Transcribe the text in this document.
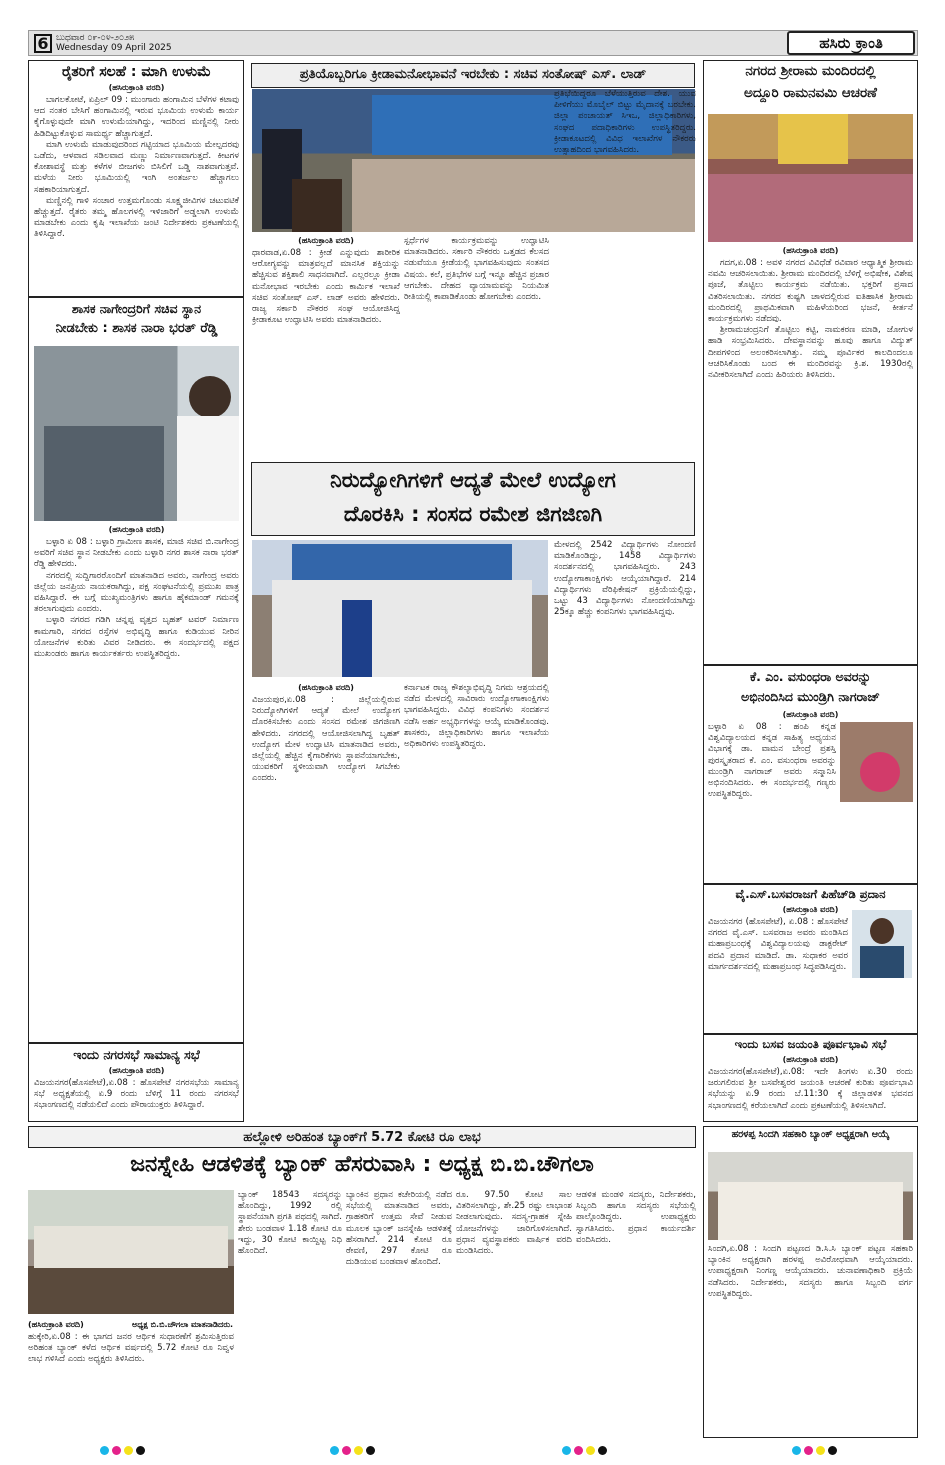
6 ಬುಧವಾರ ೦೯-೦೪-೨೦೨೫
Wednesday 09 April 2025	ಹಸಿರು ಕ್ರಾಂತಿ
ರೈತರಿಗೆ ಸಲಹೆ : ಮಾಗಿ ಉಳುಮೆ
(ಹಸಿರುಕ್ರಾಂತಿ ವರದಿ)

ಬಾಗಲಕೋಟೆ, ಏಪ್ರಿಲ್ 09 : ಮುಂಗಾರು ಹಂಗಾಮಿನ ಬೆಳೆಗಳ ಕಟಾವು ಆದ ನಂತರ ಬೇಸಿಗೆ ಹಂಗಾಮಿನಲ್ಲಿ ಇರುವ ಭೂಮಿಯ ಉಳುಮೆ ಕಾರ್ಯ ಕೈಗೊಳ್ಳುವುದೇ ಮಾಗಿ ಉಳುಮೆಯಾಗಿದ್ದು, ಇದರಿಂದ ಮಣ್ಣಿನಲ್ಲಿ ನೀರು ಹಿಡಿದಿಟ್ಟುಕೊಳ್ಳುವ ಸಾಮರ್ಥ್ಯ ಹೆಚ್ಚಾಗುತ್ತದೆ.

ಮಾಗಿ ಉಳುಮೆ ಮಾಡುವುದರಿಂದ ಗಟ್ಟಿಯಾದ ಭೂಮಿಯ ಮೇಲ್ಪದರವು ಒಡೆದು, ಆಳವಾದ ಸಡಿಲವಾದ ಮಣ್ಣು ನಿರ್ಮಾಣವಾಗುತ್ತದೆ. ಕೀಟಗಳ ಕೋಶಾವಸ್ಥೆ ಮತ್ತು ಕಳೆಗಳ ಬೀಜಗಳು ಬಿಸಿಲಿಗೆ ಒಡ್ಡಿ ನಾಶವಾಗುತ್ತವೆ. ಮಳೆಯ ನೀರು ಭೂಮಿಯಲ್ಲಿ ಇಂಗಿ ಅಂತರ್ಜಲ ಹೆಚ್ಚಾಗಲು ಸಹಕಾರಿಯಾಗುತ್ತದೆ.

ಮಣ್ಣಿನಲ್ಲಿ ಗಾಳಿ ಸಂಚಾರ ಉತ್ತಮಗೊಂಡು ಸೂಕ್ಷ್ಮಜೀವಿಗಳ ಚಟುವಟಿಕೆ ಹೆಚ್ಚುತ್ತದೆ. ರೈತರು ತಮ್ಮ ಹೊಲಗಳಲ್ಲಿ ಇಳಿಜಾರಿಗೆ ಅಡ್ಡಲಾಗಿ ಉಳುಮೆ ಮಾಡಬೇಕು ಎಂದು ಕೃಷಿ ಇಲಾಖೆಯ ಜಂಟಿ ನಿರ್ದೇಶಕರು ಪ್ರಕಟಣೆಯಲ್ಲಿ ತಿಳಿಸಿದ್ದಾರೆ.

ಶಾಸಕ ನಾಗೇಂದ್ರರಿಗೆ ಸಚಿವ ಸ್ಥಾನ
ನೀಡಬೇಕು : ಶಾಸಕ ನಾರಾ ಭರತ್ ರೆಡ್ಡಿ
(ಹಸಿರುಕ್ರಾಂತಿ ವರದಿ)

ಬಳ್ಳಾರಿ ಏ 08 : ಬಳ್ಳಾರಿ ಗ್ರಾಮೀಣ ಶಾಸಕ, ಮಾಜಿ ಸಚಿವ ಬಿ.ನಾಗೇಂದ್ರ ಅವರಿಗೆ ಸಚಿವ ಸ್ಥಾನ ನೀಡಬೇಕು ಎಂದು ಬಳ್ಳಾರಿ ನಗರ ಶಾಸಕ ನಾರಾ ಭರತ್ ರೆಡ್ಡಿ ಹೇಳಿದರು.

ನಗರದಲ್ಲಿ ಸುದ್ದಿಗಾರರೊಂದಿಗೆ ಮಾತನಾಡಿದ ಅವರು, ನಾಗೇಂದ್ರ ಅವರು ಜಿಲ್ಲೆಯ ಜನಪ್ರಿಯ ನಾಯಕರಾಗಿದ್ದು, ಪಕ್ಷ ಸಂಘಟನೆಯಲ್ಲಿ ಪ್ರಮುಖ ಪಾತ್ರ ವಹಿಸಿದ್ದಾರೆ. ಈ ಬಗ್ಗೆ ಮುಖ್ಯಮಂತ್ರಿಗಳು ಹಾಗೂ ಹೈಕಮಾಂಡ್ ಗಮನಕ್ಕೆ ತರಲಾಗುವುದು ಎಂದರು.

ಬಳ್ಳಾರಿ ನಗರದ ಗಡಿಗಿ ಚನ್ನಪ್ಪ ವೃತ್ತದ ಬೃಹತ್ ಟವರ್ ನಿರ್ಮಾಣ ಕಾಮಗಾರಿ, ನಗರದ ರಸ್ತೆಗಳ ಅಭಿವೃದ್ಧಿ ಹಾಗೂ ಕುಡಿಯುವ ನೀರಿನ ಯೋಜನೆಗಳ ಕುರಿತು ವಿವರ ನೀಡಿದರು. ಈ ಸಂದರ್ಭದಲ್ಲಿ ಪಕ್ಷದ ಮುಖಂಡರು ಹಾಗೂ ಕಾರ್ಯಕರ್ತರು ಉಪಸ್ಥಿತರಿದ್ದರು.

ಇಂದು ನಗರಸಭೆ ಸಾಮಾನ್ಯ ಸಭೆ
(ಹಸಿರುಕ್ರಾಂತಿ ವರದಿ)
ವಿಜಯನಗರ(ಹೊಸಪೇಟೆ),ಏ.08 : ಹೊಸಪೇಟೆ ನಗರಸಭೆಯ ಸಾಮಾನ್ಯ ಸಭೆ ಅಧ್ಯಕ್ಷತೆಯಲ್ಲಿ ಏ.9 ರಂದು ಬೆಳಿಗ್ಗೆ 11 ರಂದು ನಗರಸಭೆ ಸಭಾಂಗಣದಲ್ಲಿ ನಡೆಯಲಿದೆ ಎಂದು ಪೌರಾಯುಕ್ತರು ತಿಳಿಸಿದ್ದಾರೆ.
ಪ್ರತಿಯೊಬ್ಬರಿಗೂ ಕ್ರೀಡಾಮನೋಭಾವನೆ ಇರಬೇಕು : ಸಚಿವ ಸಂತೋಷ್ ಎಸ್. ಲಾಡ್
(ಹಸಿರುಕ್ರಾಂತಿ ವರದಿ)
ಧಾರವಾಡ,ಏ.08 : ಕ್ರೀಡೆ ಎನ್ನುವುದು ಶಾರೀರಿಕ ಆರೋಗ್ಯವನ್ನು ಮಾತ್ರವಲ್ಲದೆ ಮಾನಸಿಕ ಶಕ್ತಿಯನ್ನು ಹೆಚ್ಚಿಸುವ ಶಕ್ತಿಶಾಲಿ ಸಾಧನವಾಗಿದೆ. ಎಲ್ಲರಲ್ಲೂ ಕ್ರೀಡಾ ಮನೋಭಾವ ಇರಬೇಕು ಎಂದು ಕಾರ್ಮಿಕ ಇಲಾಖೆ ಸಚಿವ ಸಂತೋಷ್ ಎಸ್. ಲಾಡ್ ಅವರು ಹೇಳಿದರು. ರಾಜ್ಯ ಸರ್ಕಾರಿ ನೌಕರರ ಸಂಘ ಆಯೋಜಿಸಿದ್ದ ಕ್ರೀಡಾಕೂಟ ಉದ್ಘಾಟಿಸಿ ಅವರು ಮಾತನಾಡಿದರು.
ಸ್ಪರ್ಧೆಗಳ ಕಾರ್ಯಕ್ರಮವನ್ನು ಉದ್ಘಾಟಿಸಿ ಮಾತನಾಡಿದರು. ಸರ್ಕಾರಿ ನೌಕರರು ಒತ್ತಡದ ಕೆಲಸದ ನಡುವೆಯೂ ಕ್ರೀಡೆಯಲ್ಲಿ ಭಾಗವಹಿಸುವುದು ಸಂತಸದ ವಿಷಯ. ಕಲೆ, ಪ್ರತಿಭೆಗಳ ಬಗ್ಗೆ ಇನ್ನೂ ಹೆಚ್ಚಿನ ಪ್ರಚಾರ ಆಗಬೇಕು. ದೇಹದ ವ್ಯಾಯಾಮವನ್ನು ನಿಯಮಿತ ರೀತಿಯಲ್ಲಿ ಕಾಪಾಡಿಕೊಂಡು ಹೋಗಬೇಕು ಎಂದರು.
ಪ್ರತಿಭೆಯಿದ್ದರೂ ಬೆಳೆಯುತ್ತಿರುವ ದೇಶ. ಯುವ ಪೀಳಿಗೆಯು ಮೊಬೈಲ್ ಬಿಟ್ಟು ಮೈದಾನಕ್ಕೆ ಬರಬೇಕು. ಜಿಲ್ಲಾ ಪಂಚಾಯತ್ ಸಿಇಒ, ಜಿಲ್ಲಾಧಿಕಾರಿಗಳು, ಸಂಘದ ಪದಾಧಿಕಾರಿಗಳು ಉಪಸ್ಥಿತರಿದ್ದರು. ಕ್ರೀಡಾಕೂಟದಲ್ಲಿ ವಿವಿಧ ಇಲಾಖೆಗಳ ನೌಕರರು ಉತ್ಸಾಹದಿಂದ ಭಾಗವಹಿಸಿದರು.
ನಿರುದ್ಯೋಗಿಗಳಿಗೆ ಆದ್ಯತೆ ಮೇಲೆ ಉದ್ಯೋಗ
ದೊರಕಿಸಿ : ಸಂಸದ ರಮೇಶ ಜಿಗಜಿಣಗಿ
(ಹಸಿರುಕ್ರಾಂತಿ ವರದಿ)
ವಿಜಯಪುರ,ಏ.08 : ಜಿಲ್ಲೆಯಲ್ಲಿರುವ ನಿರುದ್ಯೋಗಿಗಳಿಗೆ ಆದ್ಯತೆ ಮೇಲೆ ಉದ್ಯೋಗ ದೊರಕಿಸಬೇಕು ಎಂದು ಸಂಸದ ರಮೇಶ ಜಿಗಜಿಣಗಿ ಹೇಳಿದರು. ನಗರದಲ್ಲಿ ಆಯೋಜಿಸಲಾಗಿದ್ದ ಬೃಹತ್ ಉದ್ಯೋಗ ಮೇಳ ಉದ್ಘಾಟಿಸಿ ಮಾತನಾಡಿದ ಅವರು, ಜಿಲ್ಲೆಯಲ್ಲಿ ಹೆಚ್ಚಿನ ಕೈಗಾರಿಕೆಗಳು ಸ್ಥಾಪನೆಯಾಗಬೇಕು, ಯುವಕರಿಗೆ ಸ್ಥಳೀಯವಾಗಿ ಉದ್ಯೋಗ ಸಿಗಬೇಕು ಎಂದರು.
ಕರ್ನಾಟಕ ರಾಜ್ಯ ಕೌಶಲ್ಯಾಭಿವೃದ್ಧಿ ನಿಗಮ ಆಶ್ರಯದಲ್ಲಿ ನಡೆದ ಮೇಳದಲ್ಲಿ ಸಾವಿರಾರು ಉದ್ಯೋಗಾಕಾಂಕ್ಷಿಗಳು ಭಾಗವಹಿಸಿದ್ದರು. ವಿವಿಧ ಕಂಪನಿಗಳು ಸಂದರ್ಶನ ನಡೆಸಿ ಅರ್ಹ ಅಭ್ಯರ್ಥಿಗಳನ್ನು ಆಯ್ಕೆ ಮಾಡಿಕೊಂಡವು. ಶಾಸಕರು, ಜಿಲ್ಲಾಧಿಕಾರಿಗಳು ಹಾಗೂ ಇಲಾಖೆಯ ಅಧಿಕಾರಿಗಳು ಉಪಸ್ಥಿತರಿದ್ದರು.
ಮೇಳದಲ್ಲಿ 2542 ವಿದ್ಯಾರ್ಥಿಗಳು ನೋಂದಣಿ ಮಾಡಿಕೊಂಡಿದ್ದು, 1458 ವಿದ್ಯಾರ್ಥಿಗಳು ಸಂದರ್ಶನದಲ್ಲಿ ಭಾಗವಹಿಸಿದ್ದರು. 243 ಉದ್ಯೋಗಾಕಾಂಕ್ಷಿಗಳು ಆಯ್ಕೆಯಾಗಿದ್ದಾರೆ. 214 ವಿದ್ಯಾರ್ಥಿಗಳು ವೆರಿಫಿಕೇಷನ್ ಪ್ರಕ್ರಿಯೆಯಲ್ಲಿದ್ದು, ಒಟ್ಟು 43 ವಿದ್ಯಾರ್ಥಿಗಳು ನೋಂದಣಿಯಾಗಿದ್ದು 25ಕ್ಕೂ ಹೆಚ್ಚು ಕಂಪನಿಗಳು ಭಾಗವಹಿಸಿದ್ದವು.
ನಗರದ ಶ್ರೀರಾಮ ಮಂದಿರದಲ್ಲಿ
ಅದ್ದೂರಿ ರಾಮನವಮಿ ಆಚರಣೆ
(ಹಸಿರುಕ್ರಾಂತಿ ವರದಿ)

ಗದಗ,ಏ.08 : ಅವಳಿ ನಗರದ ವಿವಿಧೆಡೆ ರವಿವಾರ ಆಧ್ಯಾತ್ಮಿಕ ಶ್ರೀರಾಮ ನವಮಿ ಆಚರಿಸಲಾಯಿತು. ಶ್ರೀರಾಮ ಮಂದಿರದಲ್ಲಿ ಬೆಳಿಗ್ಗೆ ಅಭಿಷೇಕ, ವಿಶೇಷ ಪೂಜೆ, ತೊಟ್ಟಿಲು ಕಾರ್ಯಕ್ರಮ ನಡೆಯಿತು. ಭಕ್ತರಿಗೆ ಪ್ರಸಾದ ವಿತರಿಸಲಾಯಿತು. ನಗರದ ಕುಷ್ಟಗಿ ಚಾಳದಲ್ಲಿರುವ ಐತಿಹಾಸಿಕ ಶ್ರೀರಾಮ ಮಂದಿರದಲ್ಲಿ ಪ್ರಾಥಮಿಕವಾಗಿ ಮಹಿಳೆಯರಿಂದ ಭಜನೆ, ಕೀರ್ತನೆ ಕಾರ್ಯಕ್ರಮಗಳು ನಡೆದವು.

ಶ್ರೀರಾಮಚಂದ್ರನಿಗೆ ತೊಟ್ಟಿಲು ಕಟ್ಟಿ, ನಾಮಕರಣ ಮಾಡಿ, ಜೋಗುಳ ಹಾಡಿ ಸಂಭ್ರಮಿಸಿದರು. ದೇವಸ್ಥಾನವನ್ನು ಹೂವು ಹಾಗೂ ವಿದ್ಯುತ್ ದೀಪಗಳಿಂದ ಅಲಂಕರಿಸಲಾಗಿತ್ತು. ನಮ್ಮ ಪೂರ್ವಿಕರ ಕಾಲದಿಂದಲೂ ಆಚರಿಸಿಕೊಂಡು ಬಂದ ಈ ಮಂದಿರವನ್ನು ಕ್ರಿ.ಶ. 1930ರಲ್ಲಿ ನವೀಕರಿಸಲಾಗಿದೆ ಎಂದು ಹಿರಿಯರು ತಿಳಿಸಿದರು.

ಕೆ. ಎಂ. ವಸುಂಧರಾ ಅವರನ್ನು
ಅಭಿನಂದಿಸಿದ ಮುಂಡ್ರಿಗಿ ನಾಗರಾಜ್
(ಹಸಿರುಕ್ರಾಂತಿ ವರದಿ)
ಬಳ್ಳಾರಿ ಏ 08 : ಹಂಪಿ ಕನ್ನಡ ವಿಶ್ವವಿದ್ಯಾಲಯದ ಕನ್ನಡ ಸಾಹಿತ್ಯ ಅಧ್ಯಯನ ವಿಭಾಗಕ್ಕೆ ಡಾ. ವಾಮನ ಬೇಂದ್ರೆ ಪ್ರಶಸ್ತಿ ಪುರಸ್ಕೃತರಾದ ಕೆ. ಎಂ. ವಸುಂಧರಾ ಅವರನ್ನು ಮುಂಡ್ರಿಗಿ ನಾಗರಾಜ್ ಅವರು ಸನ್ಮಾನಿಸಿ ಅಭಿನಂದಿಸಿದರು. ಈ ಸಂದರ್ಭದಲ್ಲಿ ಗಣ್ಯರು ಉಪಸ್ಥಿತರಿದ್ದರು.
ವೈ.ಎಸ್.ಬಸವರಾಜಗೆ ಪಿಹೆಚ್‌ಡಿ ಪ್ರದಾನ
(ಹಸಿರುಕ್ರಾಂತಿ ವರದಿ)
ವಿಜಯನಗರ (ಹೊಸಪೇಟೆ), ಏ.08 : ಹೊಸಪೇಟೆ ನಗರದ ವೈ.ಎಸ್. ಬಸವರಾಜ ಅವರು ಮಂಡಿಸಿದ ಮಹಾಪ್ರಬಂಧಕ್ಕೆ ವಿಶ್ವವಿದ್ಯಾಲಯವು ಡಾಕ್ಟರೇಟ್ ಪದವಿ ಪ್ರದಾನ ಮಾಡಿದೆ. ಡಾ. ಸುಧಾಕರ ಅವರ ಮಾರ್ಗದರ್ಶನದಲ್ಲಿ ಮಹಾಪ್ರಬಂಧ ಸಿದ್ಧಪಡಿಸಿದ್ದರು.
ಇಂದು ಬಸವ ಜಯಂತಿ ಪೂರ್ವಭಾವಿ ಸಭೆ
(ಹಸಿರುಕ್ರಾಂತಿ ವರದಿ)
ವಿಜಯನಗರ(ಹೊಸಪೇಟೆ),ಏ.08: ಇದೇ ತಿಂಗಳು ಏ.30 ರಂದು ಜರುಗಲಿರುವ ಶ್ರೀ ಬಸವೇಶ್ವರರ ಜಯಂತಿ ಆಚರಣೆ ಕುರಿತು ಪೂರ್ವಭಾವಿ ಸಭೆಯನ್ನು ಏ.9 ರಂದು ಬೆ.11:30 ಕ್ಕೆ ಜಿಲ್ಲಾಡಳಿತ ಭವನದ ಸಭಾಂಗಣದಲ್ಲಿ ಕರೆಯಲಾಗಿದೆ ಎಂದು ಪ್ರಕಟಣೆಯಲ್ಲಿ ತಿಳಿಸಲಾಗಿದೆ.
ಹರಳಪ್ಪ ಸಿಂದಗಿ ಸಹಕಾರಿ ಬ್ಯಾಂಕ್ ಅಧ್ಯಕ್ಷರಾಗಿ ಆಯ್ಕೆ
ಸಿಂದಗಿ,ಏ.08 : ಸಿಂದಗಿ ಪಟ್ಟಣದ ಡಿ.ಸಿ.ಸಿ ಬ್ಯಾಂಕ್ ಪಟ್ಟಣ ಸಹಕಾರಿ ಬ್ಯಾಂಕಿನ ಅಧ್ಯಕ್ಷರಾಗಿ ಹರಳಪ್ಪ ಅವಿರೋಧವಾಗಿ ಆಯ್ಕೆಯಾದರು. ಉಪಾಧ್ಯಕ್ಷರಾಗಿ ನಿಂಗಣ್ಣ ಆಯ್ಕೆಯಾದರು. ಚುನಾವಣಾಧಿಕಾರಿ ಪ್ರಕ್ರಿಯೆ ನಡೆಸಿದರು. ನಿರ್ದೇಶಕರು, ಸದಸ್ಯರು ಹಾಗೂ ಸಿಬ್ಬಂದಿ ವರ್ಗ ಉಪಸ್ಥಿತರಿದ್ದರು.
ಹಲ್ಲೋಳಿ ಅರಿಹಂತ ಬ್ಯಾಂಕ್‌ಗೆ 5.72 ಕೋಟಿ ರೂ ಲಾಭ
ಜನಸ್ನೇಹಿ ಆಡಳಿತಕ್ಕೆ ಬ್ಯಾಂಕ್ ಹೆಸರುವಾಸಿ : ಅಧ್ಯಕ್ಷ ಬಿ.ಬಿ.ಚೌಗಲಾ
(ಹಸಿರುಕ್ರಾಂತಿ ವರದಿ)	ಅಧ್ಯಕ್ಷ ಬಿ.ಬಿ.ಚೌಗಲಾ ಮಾತನಾಡಿದರು.
ಹುಕ್ಕೇರಿ,ಏ.08 : ಈ ಭಾಗದ ಜನರ ಆರ್ಥಿಕ ಸುಧಾರಣೆಗೆ ಶ್ರಮಿಸುತ್ತಿರುವ ಅರಿಹಂತ ಬ್ಯಾಂಕ್ ಕಳೆದ ಆರ್ಥಿಕ ವರ್ಷದಲ್ಲಿ 5.72 ಕೋಟಿ ರೂ ನಿವ್ವಳ ಲಾಭ ಗಳಿಸಿದೆ ಎಂದು ಅಧ್ಯಕ್ಷರು ತಿಳಿಸಿದರು.
ಬ್ಯಾಂಕ್ 18543 ಸದಸ್ಯರನ್ನು ಹೊಂದಿದ್ದು, 1992 ರಲ್ಲಿ ಸ್ಥಾಪನೆಯಾಗಿ ಪ್ರಗತಿ ಪಥದಲ್ಲಿ ಸಾಗಿದೆ. ಶೇರು ಬಂಡವಾಳ 1.18 ಕೋಟಿ ರೂ ಇದ್ದು, 30 ಕೋಟಿ ಕಾಯ್ದಿಟ್ಟ ನಿಧಿ ಹೊಂದಿದೆ.
ಬ್ಯಾಂಕಿನ ಪ್ರಧಾನ ಕಚೇರಿಯಲ್ಲಿ ನಡೆದ ಸಭೆಯಲ್ಲಿ ಮಾತನಾಡಿದ ಅವರು, ಗ್ರಾಹಕರಿಗೆ ಉತ್ತಮ ಸೇವೆ ನೀಡುವ ಮೂಲಕ ಬ್ಯಾಂಕ್ ಜನಸ್ನೇಹಿ ಆಡಳಿತಕ್ಕೆ ಹೆಸರಾಗಿದೆ. 214 ಕೋಟಿ ರೂ ಠೇವಣಿ, 297 ಕೋಟಿ ರೂ ದುಡಿಯುವ ಬಂಡವಾಳ ಹೊಂದಿದೆ.
ರೂ. 97.50 ಕೋಟಿ ಸಾಲ ವಿತರಿಸಲಾಗಿದ್ದು, ಶೇ.25 ರಷ್ಟು ಲಾಭಾಂಶ ನೀಡಲಾಗುವುದು. ಸದಸ್ಯ-ಗ್ರಾಹಕ ಸ್ನೇಹಿ ಯೋಜನೆಗಳನ್ನು ಜಾರಿಗೊಳಿಸಲಾಗಿದೆ. ಪ್ರಧಾನ ವ್ಯವಸ್ಥಾಪಕರು ವಾರ್ಷಿಕ ವರದಿ ಮಂಡಿಸಿದರು.
ಆಡಳಿತ ಮಂಡಳಿ ಸದಸ್ಯರು, ನಿರ್ದೇಶಕರು, ಸಿಬ್ಬಂದಿ ಹಾಗೂ ಸದಸ್ಯರು ಸಭೆಯಲ್ಲಿ ಪಾಲ್ಗೊಂಡಿದ್ದರು. ಉಪಾಧ್ಯಕ್ಷರು ಸ್ವಾಗತಿಸಿದರು. ಪ್ರಧಾನ ಕಾರ್ಯದರ್ಶಿ ವಂದಿಸಿದರು.
